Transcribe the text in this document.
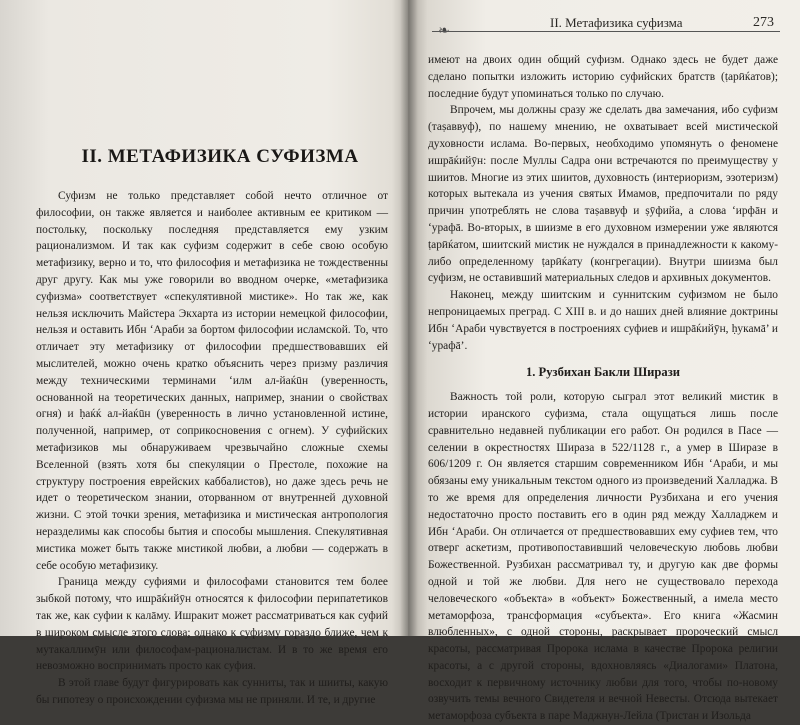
II. Метафизика суфизма	273
II. МЕТАФИЗИКА СУФИЗМА

Суфизм не только представляет собой нечто отличное от философии, он также является и наиболее активным ее критиком — постольку, поскольку последняя представляется ему узким рационализмом. И так как суфизм содержит в себе свою особую метафизику, верно и то, что философия и метафизика не тождественны друг другу. Как мы уже говорили во вводном очерке, «метафизика суфизма» соответствует «спекулятивной мистике». Но так же, как нельзя исключить Майстера Экхарта из истории немецкой философии, нельзя и оставить Ибн ‘Араби за бортом философии исламской. То, что отличает эту метафизику от философии предшествовавших ей мыслителей, можно очень кратко объяснить через призму различия между техническими терминами ʻилм ал-йаќūн (уверенность, основанной на теоретических данных, например, знании о свойствах огня) и ḥаќќ ал-йаќūн (уверенность в лично установленной истине, полученной, например, от соприкосновения с огнем). У суфийских метафизиков мы обнаруживаем чрезвычайно сложные схемы Вселенной (взять хотя бы спекуляции о Престоле, похожие на структуру построения еврейских каббалистов), но даже здесь речь не идет о теоретическом знании, оторванном от внутренней духовной жизни. С этой точки зрения, метафизика и мистическая антропология неразделимы как способы бытия и способы мышления. Спекулятивная мистика может быть также мистикой любви, а любви — содержать в себе особую метафизику.

Граница между суфиями и философами становится тем более зыбкой потому, что ишрāќийӯн относятся к философии перипатетиков так же, как суфии к калāму. Ишракит может рассматриваться как суфий в широком смысле этого слова; однако к суфизму гораздо ближе, чем к мутакаллимӯн или философам-рационалистам. И в то же время его невозможно воспринимать просто как суфия.

В этой главе будут фигурировать как сунниты, так и шииты, какую бы гипотезу о происхождении суфизма мы не приняли. И те, и другие

имеют на двоих один общий суфизм. Однако здесь не будет даже сделано попытки изложить историю суфийских братств (ṭарӣќатов); последние будут упоминаться только по случаю.

Впрочем, мы должны сразу же сделать два замечания, ибо суфизм (таṣаввуф), по нашему мнению, не охватывает всей мистической духовности ислама. Во-первых, необходимо упомянуть о феномене ишрāќийӯн: после Муллы Садра они встречаются по преимуществу у шиитов. Многие из этих шиитов, духовность (интериоризм, эзотеризм) которых вытекала из учения святых Имамов, предпочитали по ряду причин употреблять не слова таṣаввуф и ṣӯфийа, а слова ‘ирфāн и ‘урафā. Во-вторых, в шиизме в его духовном измерении уже являются ṭарӣќатом, шиитский мистик не нуждался в принадлежности к какому-либо определенному ṭарӣќату (конгрегации). Внутри шиизма был суфизм, не оставивший материальных следов и архивных документов.

Наконец, между шиитским и суннитским суфизмом не было непроницаемых преград. С XIII в. и до наших дней влияние доктрины Ибн ‘Араби чувствуется в построениях суфиев и ишрāќийӯн, ḥукамā’ и ‘урафā’.

1. Рузбихан Бакли Ширази

Важность той роли, которую сыграл этот великий мистик в истории иранского суфизма, стала ощущаться лишь после сравнительно недавней публикации его работ. Он родился в Пасе — селении в окрестностях Шираза в 522/1128 г., а умер в Ширазе в 606/1209 г. Он является старшим современником Ибн ‘Араби, и мы обязаны ему уникальным текстом одного из произведений Халладжа. В то же время для определения личности Рузбихана и его учения недостаточно просто поставить его в один ряд между Халладжем и Ибн ‘Араби. Он отличается от предшествовавших ему суфиев тем, что отверг аскетизм, противопоставивший человеческую любовь любви Божественной. Рузбихан рассматривал ту, и другую как две формы одной и той же любви. Для него не существовало перехода человеческого «объекта» в «объект» Божественный, а имела место метаморфоза, трансформация «субъекта». Его книга «Жасмин влюбленных», с одной стороны, раскрывает пророческий смысл красоты, рассматривая Пророка ислама в качестве Пророка религии красоты, а с другой стороны, вдохновляясь «Диалогами» Платона, восходит к первичному источнику любви для того, чтобы по-новому озвучить темы вечного Свидетеля и вечной Невесты. Отсюда вытекает метаморфоза субъекта в паре Маджнун-Лейла (Тристан и Изольда
